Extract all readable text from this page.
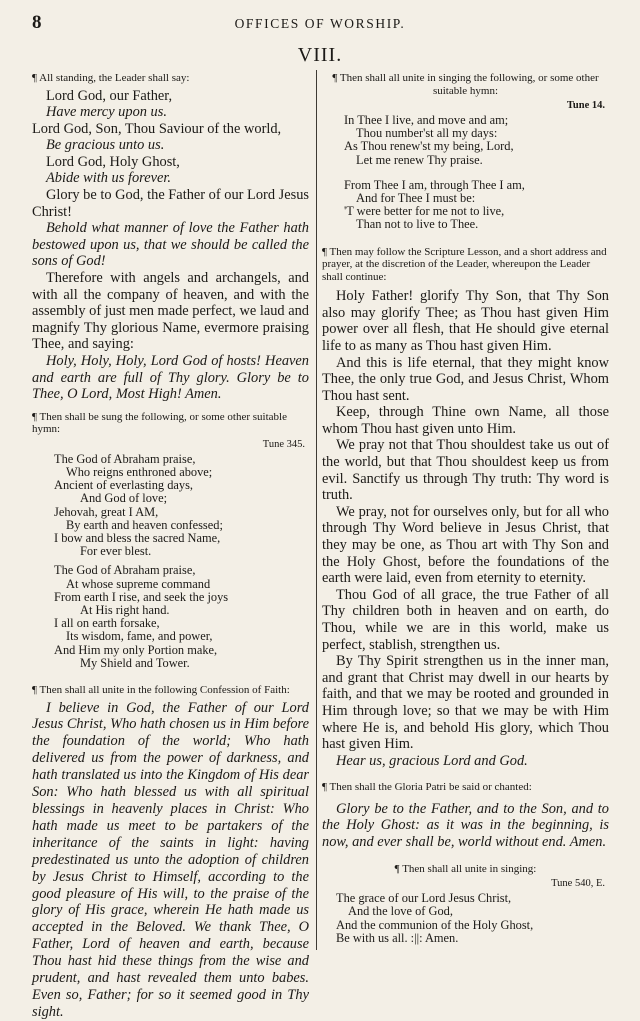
8	OFFICES OF WORSHIP.
VIII.

¶ All standing, the Leader shall say:

Lord God, our Father,

Have mercy upon us.

Lord God, Son, Thou Saviour of the world,

Be gracious unto us.

Lord God, Holy Ghost,

Abide with us forever.

Glory be to God, the Father of our Lord Jesus Christ!

Behold what manner of love the Father hath bestowed upon us, that we should be called the sons of God!

Therefore with angels and archangels, and with all the company of heaven, and with the assembly of just men made perfect, we laud and magnify Thy glorious Name, evermore praising Thee, and saying:

Holy, Holy, Holy, Lord God of hosts! Heaven and earth are full of Thy glory. Glory be to Thee, O Lord, Most High! Amen.

¶ Then shall be sung the following, or some other suitable hymn:

Tune 345.

The God of Abraham praise,
Who reigns enthroned above;
Ancient of everlasting days,
And God of love;
Jehovah, great I AM,
By earth and heaven confessed;
I bow and bless the sacred Name,
For ever blest.
The God of Abraham praise,
At whose supreme command
From earth I rise, and seek the joys
At His right hand.
I all on earth forsake,
Its wisdom, fame, and power,
And Him my only Portion make,
My Shield and Tower.

¶ Then shall all unite in the following Confession of Faith:

I believe in God, the Father of our Lord Jesus Christ, Who hath chosen us in Him before the foundation of the world; Who hath delivered us from the power of darkness, and hath translated us into the Kingdom of His dear Son: Who hath blessed us with all spiritual blessings in heavenly places in Christ: Who hath made us meet to be partakers of the inheritance of the saints in light: having predestinated us unto the adoption of children by Jesus Christ to Himself, according to the good pleasure of His will, to the praise of the glory of His grace, wherein He hath made us accepted in the Beloved. We thank Thee, O Father, Lord of heaven and earth, because Thou hast hid these things from the wise and prudent, and hast revealed them unto babes. Even so, Father; for so it seemed good in Thy sight.

¶ Then shall all unite in singing the following, or some other suitable hymn:

Tune 14.

In Thee I live, and move and am;
Thou number'st all my days:
As Thou renew'st my being, Lord,
Let me renew Thy praise.
From Thee I am, through Thee I am,
And for Thee I must be:
'T were better for me not to live,
Than not to live to Thee.

¶ Then may follow the Scripture Lesson, and a short address and prayer, at the discretion of the Leader, whereupon the Leader shall continue:

Holy Father! glorify Thy Son, that Thy Son also may glorify Thee; as Thou hast given Him power over all flesh, that He should give eternal life to as many as Thou hast given Him.

And this is life eternal, that they might know Thee, the only true God, and Jesus Christ, Whom Thou hast sent.

Keep, through Thine own Name, all those whom Thou hast given unto Him.

We pray not that Thou shouldest take us out of the world, but that Thou shouldest keep us from evil. Sanctify us through Thy truth: Thy word is truth.

We pray, not for ourselves only, but for all who through Thy Word believe in Jesus Christ, that they may be one, as Thou art with Thy Son and the Holy Ghost, before the foundations of the earth were laid, even from eternity to eternity.

Thou God of all grace, the true Father of all Thy children both in heaven and on earth, do Thou, while we are in this world, make us perfect, stablish, strengthen us.

By Thy Spirit strengthen us in the inner man, and grant that Christ may dwell in our hearts by faith, and that we may be rooted and grounded in Him through love; so that we may be with Him where He is, and behold His glory, which Thou hast given Him.

Hear us, gracious Lord and God.

¶ Then shall the Gloria Patri be said or chanted:

Glory be to the Father, and to the Son, and to the Holy Ghost: as it was in the beginning, is now, and ever shall be, world without end. Amen.

¶ Then shall all unite in singing:

Tune 540, E.

The grace of our Lord Jesus Christ,
And the love of God,
And the communion of the Holy Ghost,
Be with us all. :||: Amen.
